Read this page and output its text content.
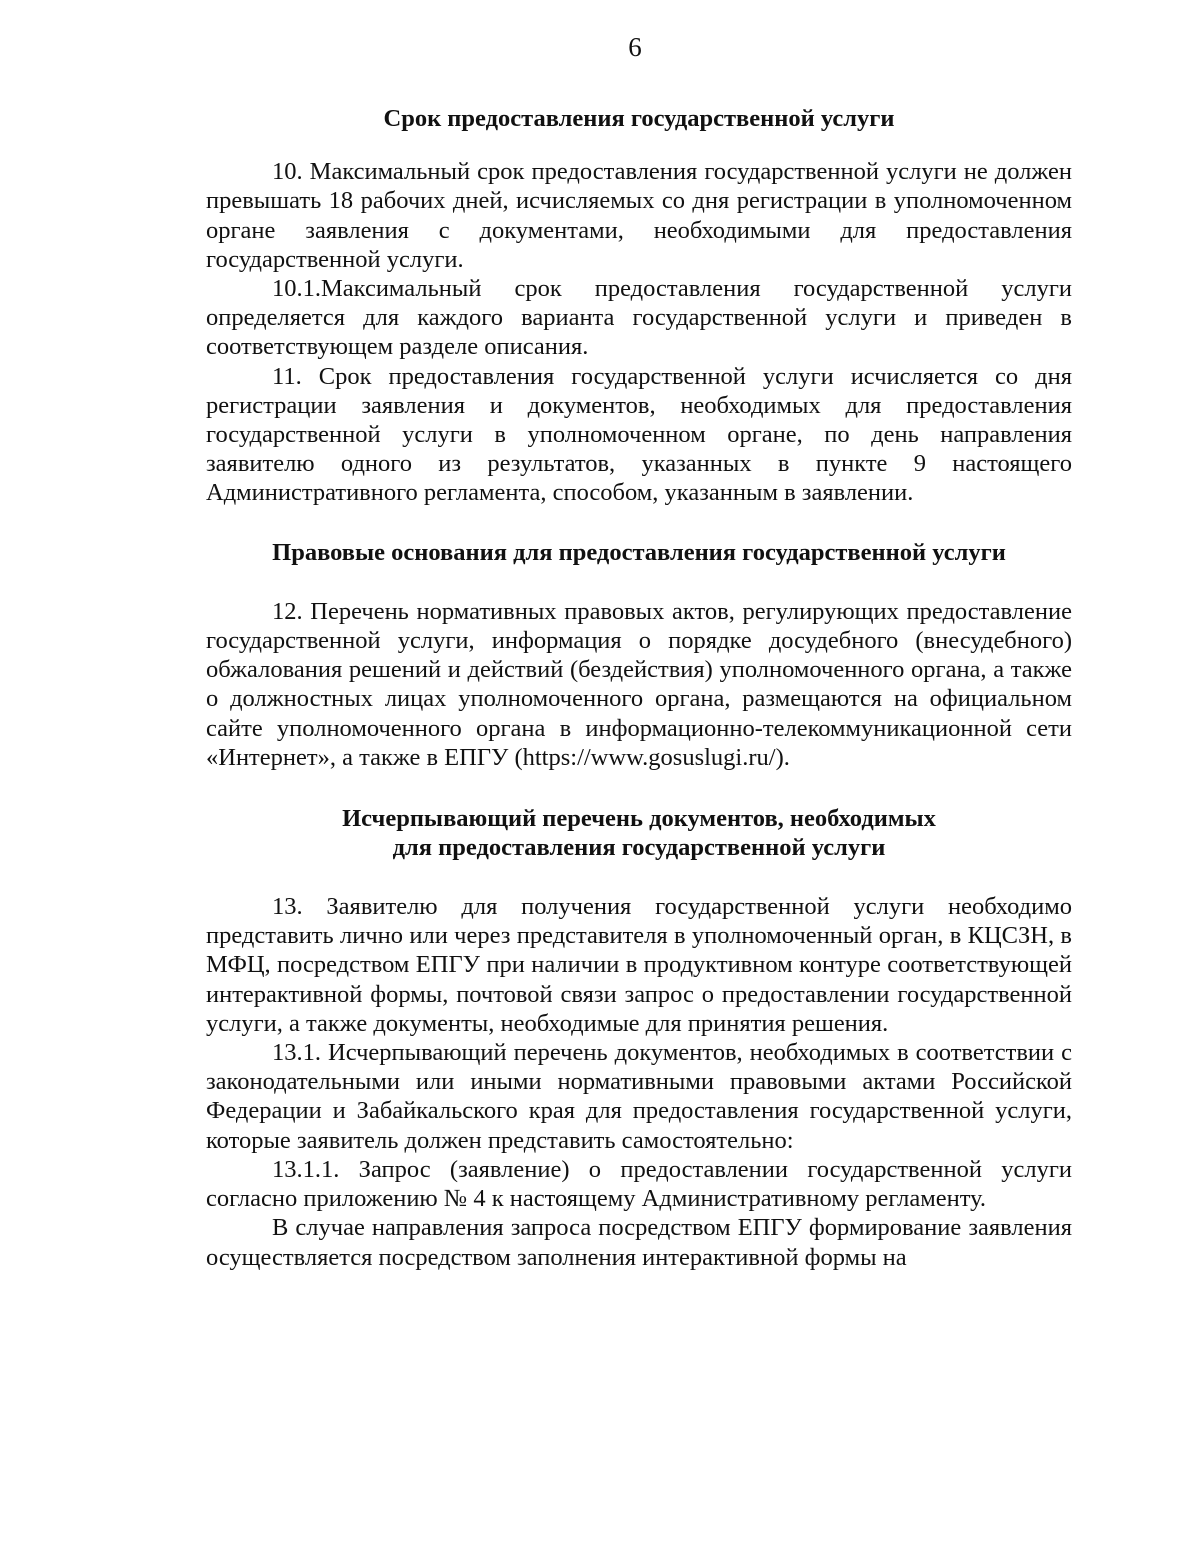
6

Срок предоставления государственной услуги

10. Максимальный срок предоставления государственной услуги не должен превышать 18 рабочих дней, исчисляемых со дня регистрации в уполномоченном органе заявления с документами, необходимыми для предоставления государственной услуги.

10.1.Максимальный срок предоставления государственной услуги определяется для каждого варианта государственной услуги и приведен в соответствующем разделе описания.

11. Срок предоставления государственной услуги исчисляется со дня регистрации заявления и документов, необходимых для предоставления государственной услуги в уполномоченном органе, по день направления заявителю одного из результатов, указанных в пункте 9 настоящего Административного регламента, способом, указанным в заявлении.

Правовые основания для предоставления государственной услуги

12. Перечень нормативных правовых актов, регулирующих предоставление государственной услуги, информация о порядке досудебного (внесудебного) обжалования решений и действий (бездействия) уполномоченного органа, а также о должностных лицах уполномоченного органа, размещаются на официальном сайте уполномоченного органа в информационно-телекоммуникационной сети «Интернет», а также в ЕПГУ (https://www.gosuslugi.ru/).

Исчерпывающий перечень документов, необходимых
для предоставления государственной услуги

13. Заявителю для получения государственной услуги необходимо представить лично или через представителя в уполномоченный орган, в КЦСЗН, в МФЦ, посредством ЕПГУ при наличии в продуктивном контуре соответствующей интерактивной формы, почтовой связи запрос о предоставлении государственной услуги, а также документы, необходимые для принятия решения.

13.1. Исчерпывающий перечень документов, необходимых в соответствии с законодательными или иными нормативными правовыми актами Российской Федерации и Забайкальского края для предоставления государственной услуги, которые заявитель должен представить самостоятельно:

13.1.1. Запрос (заявление) о предоставлении государственной услуги согласно приложению № 4 к настоящему Административному регламенту.

В случае направления запроса посредством ЕПГУ формирование заявления осуществляется посредством заполнения интерактивной формы на
